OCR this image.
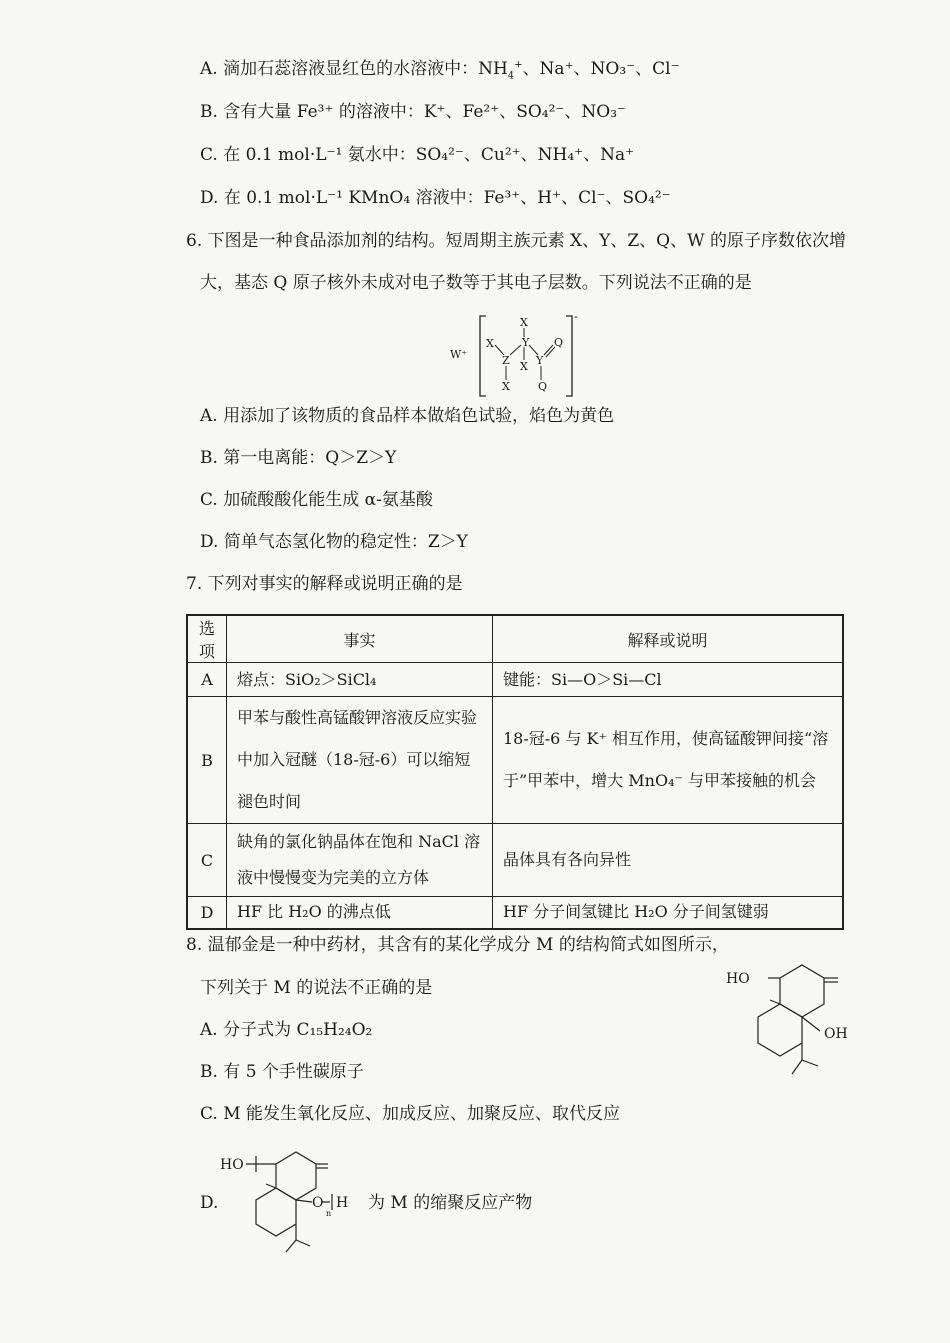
A. 滴加石蕊溶液显红色的水溶液中：$NH_4^+$、Na⁺、NO₃⁻、Cl⁻
B. 含有大量 Fe³⁺ 的溶液中：K⁺、Fe²⁺、SO₄²⁻、NO₃⁻
C. 在 0.1 mol·L⁻¹ 氨水中：SO₄²⁻、Cu²⁺、NH₄⁺、Na⁺
D. 在 0.1 mol·L⁻¹ KMnO₄ 溶液中：Fe³⁺、H⁺、Cl⁻、SO₄²⁻
6. 下图是一种食品添加剂的结构。短周期主族元素 X、Y、Z、Q、W 的原子序数依次增
大，基态 Q 原子核外未成对电子数等于其电子层数。下列说法不正确的是
W⁺
-
X
Y
X
Z X
X
Y
Q
Q
A. 用添加了该物质的食品样本做焰色试验，焰色为黄色
B. 第一电离能：Q＞Z＞Y
C. 加硫酸酸化能生成 α-氨基酸
D. 简单气态氢化物的稳定性：Z＞Y
7. 下列对事实的解释或说明正确的是
选项	事实	解释或说明
A	熔点：SiO₂＞SiCl₄	键能：Si—O＞Si—Cl
B	甲苯与酸性高锰酸钾溶液反应实验中加入冠醚（18-冠-6）可以缩短褪色时间	18-冠-6 与 K⁺ 相互作用，使高锰酸钾间接“溶于”甲苯中，增大 MnO₄⁻ 与甲苯接触的机会
C	缺角的氯化钠晶体在饱和 NaCl 溶液中慢慢变为完美的立方体	晶体具有各向异性
D	HF 比 H₂O 的沸点低	HF 分子间氢键比 H₂O 分子间氢键弱
8. 温郁金是一种中药材，其含有的某化学成分 M 的结构简式如图所示，
下列关于 M 的说法不正确的是	HO
OH
A. 分子式为 C₁₅H₂₄O₂
B. 有 5 个手性碳原子
C. M 能发生氧化反应、加成反应、加聚反应、取代反应
D.
HO
O H
n
为 M 的缩聚反应产物
